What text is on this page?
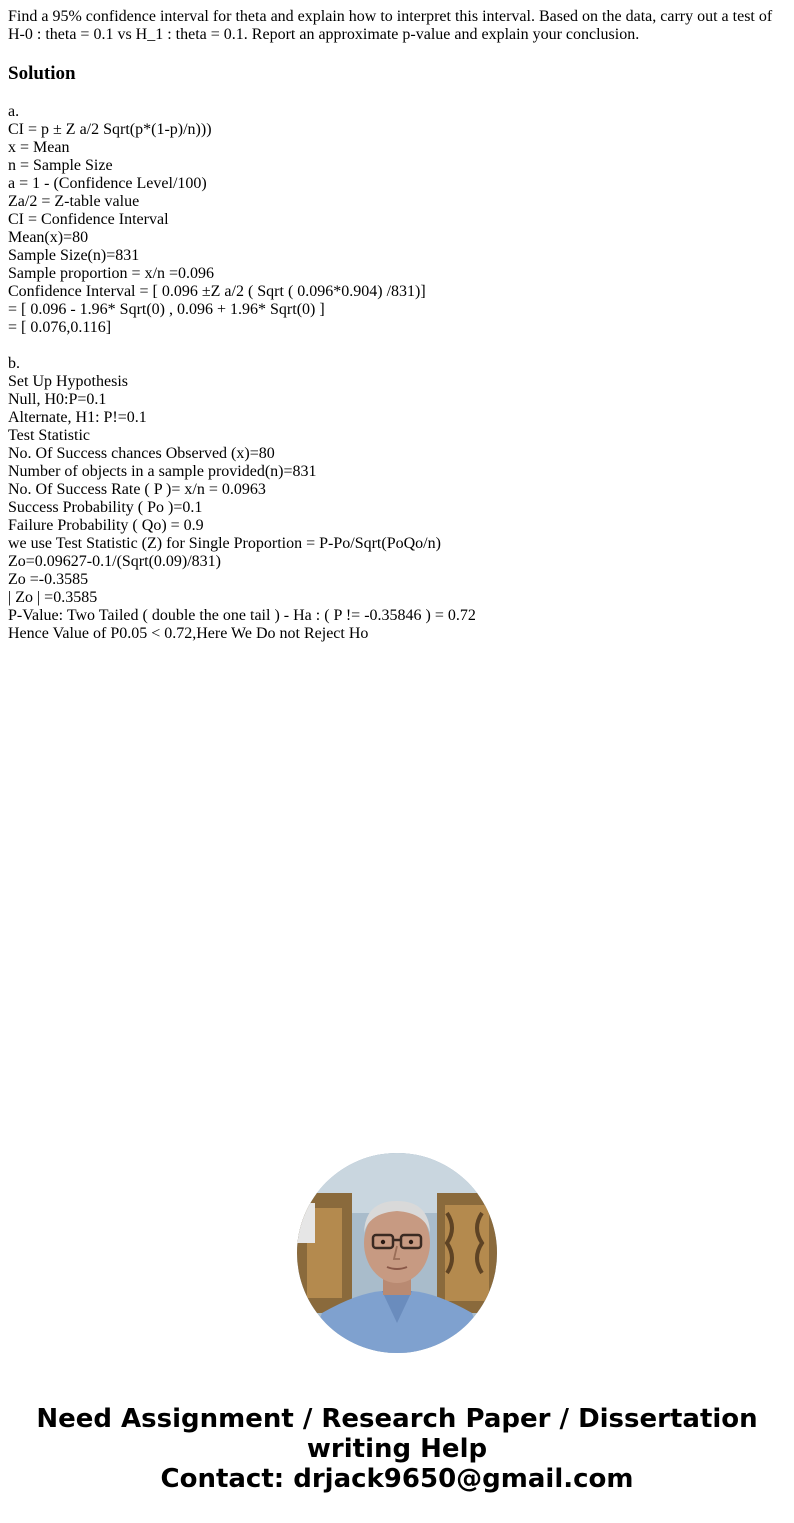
Find a 95% confidence interval for theta and explain how to interpret this interval. Based on the data, carry out a test of H-0 : theta = 0.1 vs H_1 : theta = 0.1. Report an approximate p-value and explain your conclusion.

Solution
a.
CI = p ± Z a/2 Sqrt(p*(1-p)/n)))
x = Mean
n = Sample Size
a = 1 - (Confidence Level/100)
Za/2 = Z-table value
CI = Confidence Interval
Mean(x)=80
Sample Size(n)=831
Sample proportion = x/n =0.096
Confidence Interval = [ 0.096 ±Z a/2 ( Sqrt ( 0.096*0.904) /831)]
= [ 0.096 - 1.96* Sqrt(0) , 0.096 + 1.96* Sqrt(0) ]
= [ 0.076,0.116]
b.
Set Up Hypothesis
Null, H0:P=0.1
Alternate, H1: P!=0.1
Test Statistic
No. Of Success chances Observed (x)=80
Number of objects in a sample provided(n)=831
No. Of Success Rate ( P )= x/n = 0.0963
Success Probability ( Po )=0.1
Failure Probability ( Qo) = 0.9
we use Test Statistic (Z) for Single Proportion = P-Po/Sqrt(PoQo/n)
Zo=0.09627-0.1/(Sqrt(0.09)/831)
Zo =-0.3585
| Zo | =0.3585
P-Value: Two Tailed ( double the one tail ) - Ha : ( P != -0.35846 ) = 0.72
Hence Value of P0.05 < 0.72,Here We Do not Reject Ho
Need Assignment / Research Paper / Dissertation
writing Help
Contact: drjack9650@gmail.com
